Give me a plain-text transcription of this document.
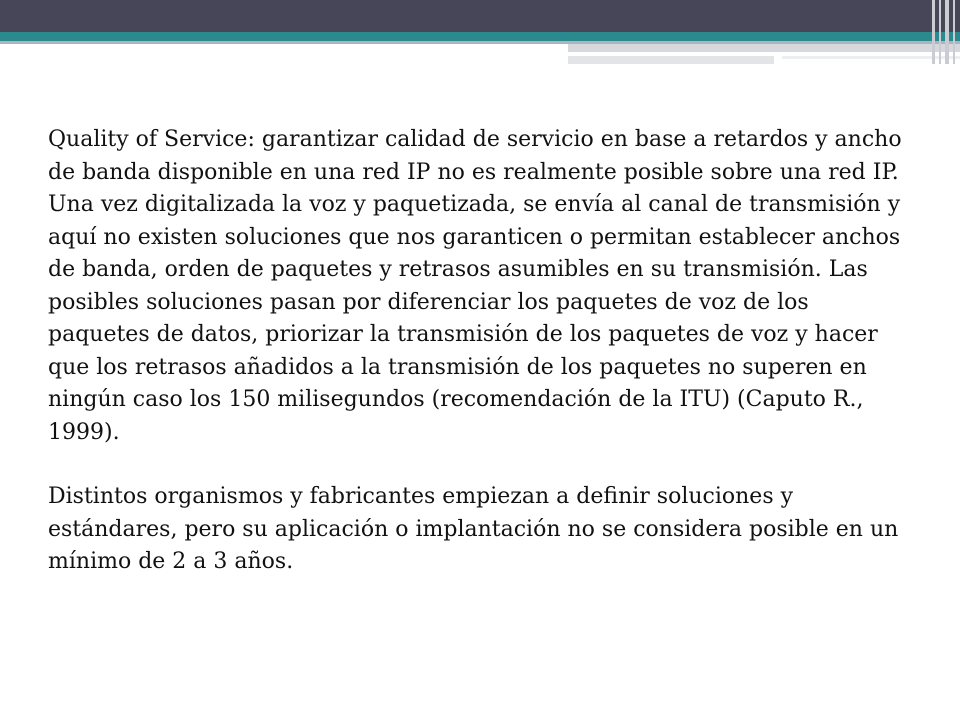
Quality of Service: garantizar calidad de servicio en base a retardos y ancho de banda disponible en una red IP no es realmente posible sobre una red IP. Una vez digitalizada la voz y paquetizada, se envía al canal de transmisión y aquí no existen soluciones que nos garanticen o permitan establecer anchos de banda, orden de paquetes y retrasos asumibles en su transmisión. Las posibles soluciones pasan por diferenciar los paquetes de voz de los paquetes de datos, priorizar la transmisión de los paquetes de voz y hacer que los retrasos añadidos a la transmisión de los paquetes no superen en ningún caso los 150 milisegundos (recomendación de la ITU) (Caputo R., 1999).

Distintos organismos y fabricantes empiezan a definir soluciones y estándares, pero su aplicación o implantación no se considera posible en un mínimo de 2 a 3 años.
